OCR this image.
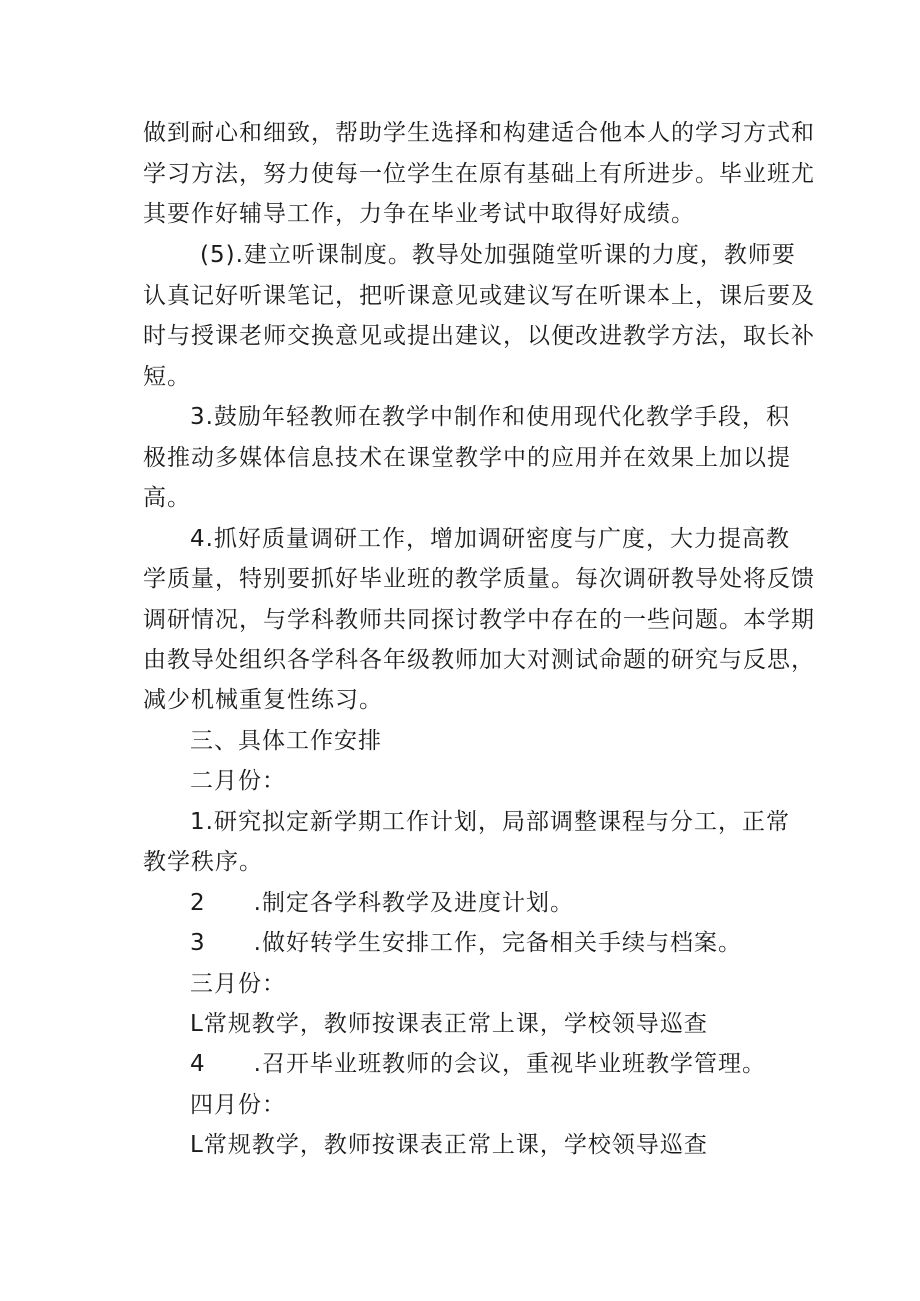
做到耐心和细致，帮助学生选择和构建适合他本人的学习方式和
学习方法，努力使每一位学生在原有基础上有所进步。毕业班尤
其要作好辅导工作，力争在毕业考试中取得好成绩。
(5).建立听课制度。教导处加强随堂听课的力度，教师要
认真记好听课笔记，把听课意见或建议写在听课本上，课后要及
时与授课老师交换意见或提出建议，以便改进教学方法，取长补
短。
3.鼓励年轻教师在教学中制作和使用现代化教学手段，积
极推动多媒体信息技术在课堂教学中的应用并在效果上加以提
高。
4.抓好质量调研工作，增加调研密度与广度，大力提高教
学质量，特别要抓好毕业班的教学质量。每次调研教导处将反馈
调研情况，与学科教师共同探讨教学中存在的一些问题。本学期
由教导处组织各学科各年级教师加大对测试命题的研究与反思，
减少机械重复性练习。
三、具体工作安排
二月份：
1.研究拟定新学期工作计划，局部调整课程与分工，正常
教学秩序。
2　　.制定各学科教学及进度计划。
3　　.做好转学生安排工作，完备相关手续与档案。
三月份：
L常规教学，教师按课表正常上课，学校领导巡查
4　　.召开毕业班教师的会议，重视毕业班教学管理。
四月份：
L常规教学，教师按课表正常上课，学校领导巡查
